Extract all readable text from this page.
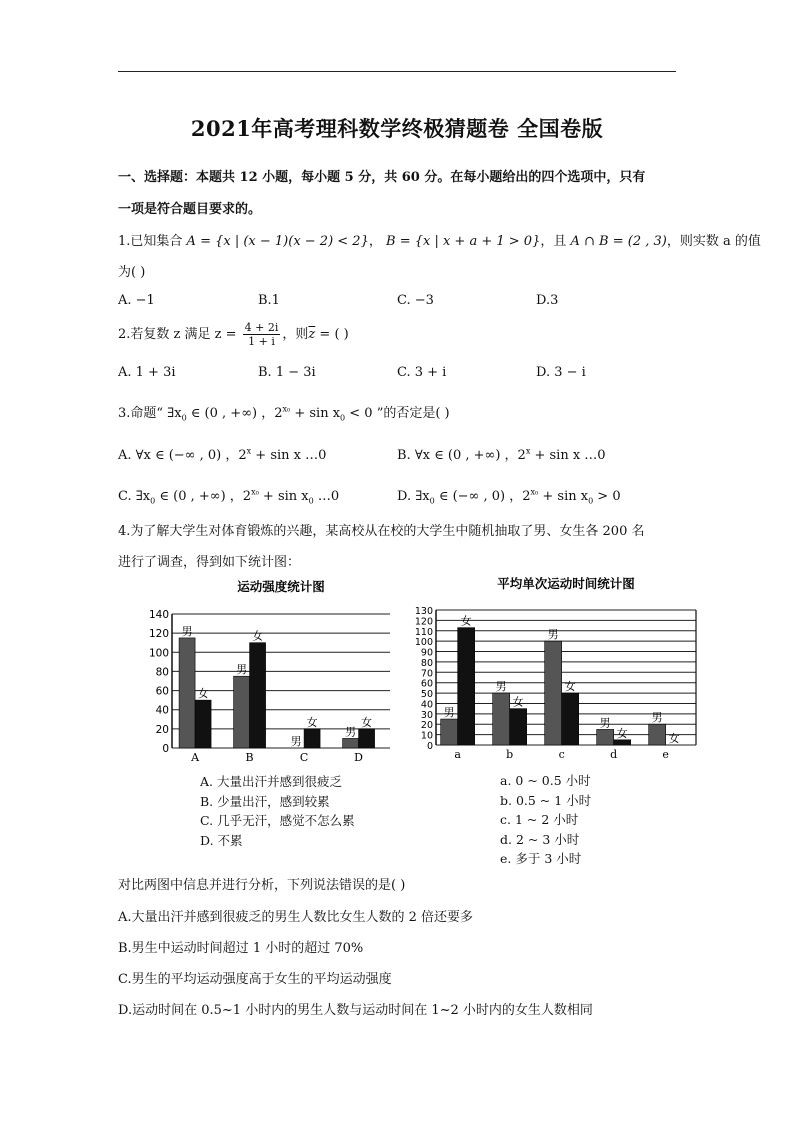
2021年高考理科数学终极猜题卷 全国卷版
一、选择题：本题共 12 小题，每小题 5 分，共 60 分。在每小题给出的四个选项中，只有
一项是符合题目要求的。
1.已知集合 A = {x | (x − 1)(x − 2) < 2}， B = {x | x + a + 1 > 0}，且 A ∩ B = (2 , 3)，则实数 a 的值
为( )
A. −1	B.1	C. −3	D.3
2.若复数 z 满足 $z = \frac{4 + 2i}{1 + i}$ ，则$\overline{z}$ = ( )
A. 1 + 3i	B. 1 − 3i	C. 3 + i	D. 3 − i
3.命题“ $\exists x_0$ ∈ (0 , +∞) ，$2^{x_0} + \sin x_0 < 0$ ”的否定是( )
A. ∀x ∈ (−∞ , 0) ，$2^x + \sin x$ …0	B. ∀x ∈ (0 , +∞) ，$2^x + \sin x$ …0
C. $\exists x_0$ ∈ (0 , +∞) ，$2^{x_0} + \sin x_0$ …0	D. $\exists x_0$ ∈ (−∞ , 0) ，$2^{x_0} + \sin x_0 > 0$
4.为了解大学生对体育锻炼的兴趣，某高校从在校的大学生中随机抽取了男、女生各 200 名
进行了调查，得到如下统计图：
运动强度统计图
0
20
40
60
80
100
120
140
男
女
A
男
女
B
男
女
C
男
女
D
平均单次运动时间统计图
0
10
20
30
40
50
60
70
80
90
100
110
120
130
男
女
a
男
女
b
男
女
c
男
女
d
男
女
e
A. 大量出汗并感到很疲乏
B. 少量出汗，感到较累
C. 几乎无汗，感觉不怎么累
D. 不累
a. 0 ~ 0.5 小时
b. 0.5 ~ 1 小时
c. 1 ~ 2 小时
d. 2 ~ 3 小时
e. 多于 3 小时
对比两图中信息并进行分析，下列说法错误的是( )
A.大量出汗并感到很疲乏的男生人数比女生人数的 2 倍还要多
B.男生中运动时间超过 1 小时的超过 70%
C.男生的平均运动强度高于女生的平均运动强度
D.运动时间在 0.5~1 小时内的男生人数与运动时间在 1~2 小时内的女生人数相同
